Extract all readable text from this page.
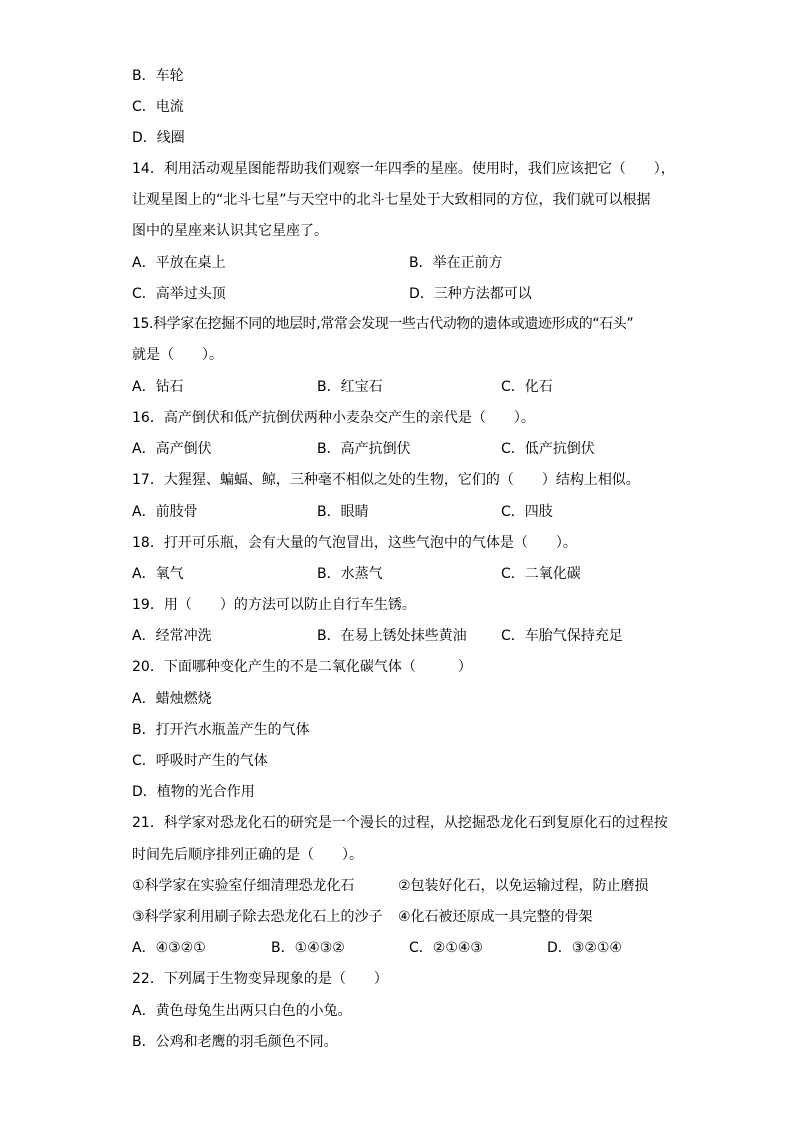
B．车轮
C．电流
D．线圈
14．利用活动观星图能帮助我们观察一年四季的星座。使用时，我们应该把它（　　），
让观星图上的“北斗七星”与天空中的北斗七星处于大致相同的方位，我们就可以根据
图中的星座来认识其它星座了。
A．平放在桌上	B．举在正前方
C．高举过头顶	D．三种方法都可以
15.科学家在挖掘不同的地层时,常常会发现一些古代动物的遗体或遗迹形成的“石头”
就是（　　）。
A．钻石	B．红宝石	C．化石
16．高产倒伏和低产抗倒伏两种小麦杂交产生的亲代是（　　）。
A．高产倒伏	B．高产抗倒伏	C．低产抗倒伏
17．大猩猩、蝙蝠、鲸，三种毫不相似之处的生物，它们的（　　）结构上相似。
A．前肢骨	B．眼睛	C．四肢
18．打开可乐瓶，会有大量的气泡冒出，这些气泡中的气体是（　　）。
A．氧气	B．水蒸气	C．二氧化碳
19．用（　　）的方法可以防止自行车生锈。
A．经常冲洗	B．在易上锈处抹些黄油 C．车胎气保持充足
20．下面哪种变化产生的不是二氧化碳气体（　　　）
A．蜡烛燃烧
B．打开汽水瓶盖产生的气体
C．呼吸时产生的气体
D．植物的光合作用
21．科学家对恐龙化石的研究是一个漫长的过程，从挖掘恐龙化石到复原化石的过程按
时间先后顺序排列正确的是（　　）。
①科学家在实验室仔细清理恐龙化石	②包装好化石，以免运输过程，防止磨损
③科学家利用刷子除去恐龙化石上的沙子 ④化石被还原成一具完整的骨架
A．④③②①	B．①④③②	C．②①④③	D．③②①④
22．下列属于生物变异现象的是（　　）
A．黄色母兔生出两只白色的小兔。
B．公鸡和老鹰的羽毛颜色不同。
